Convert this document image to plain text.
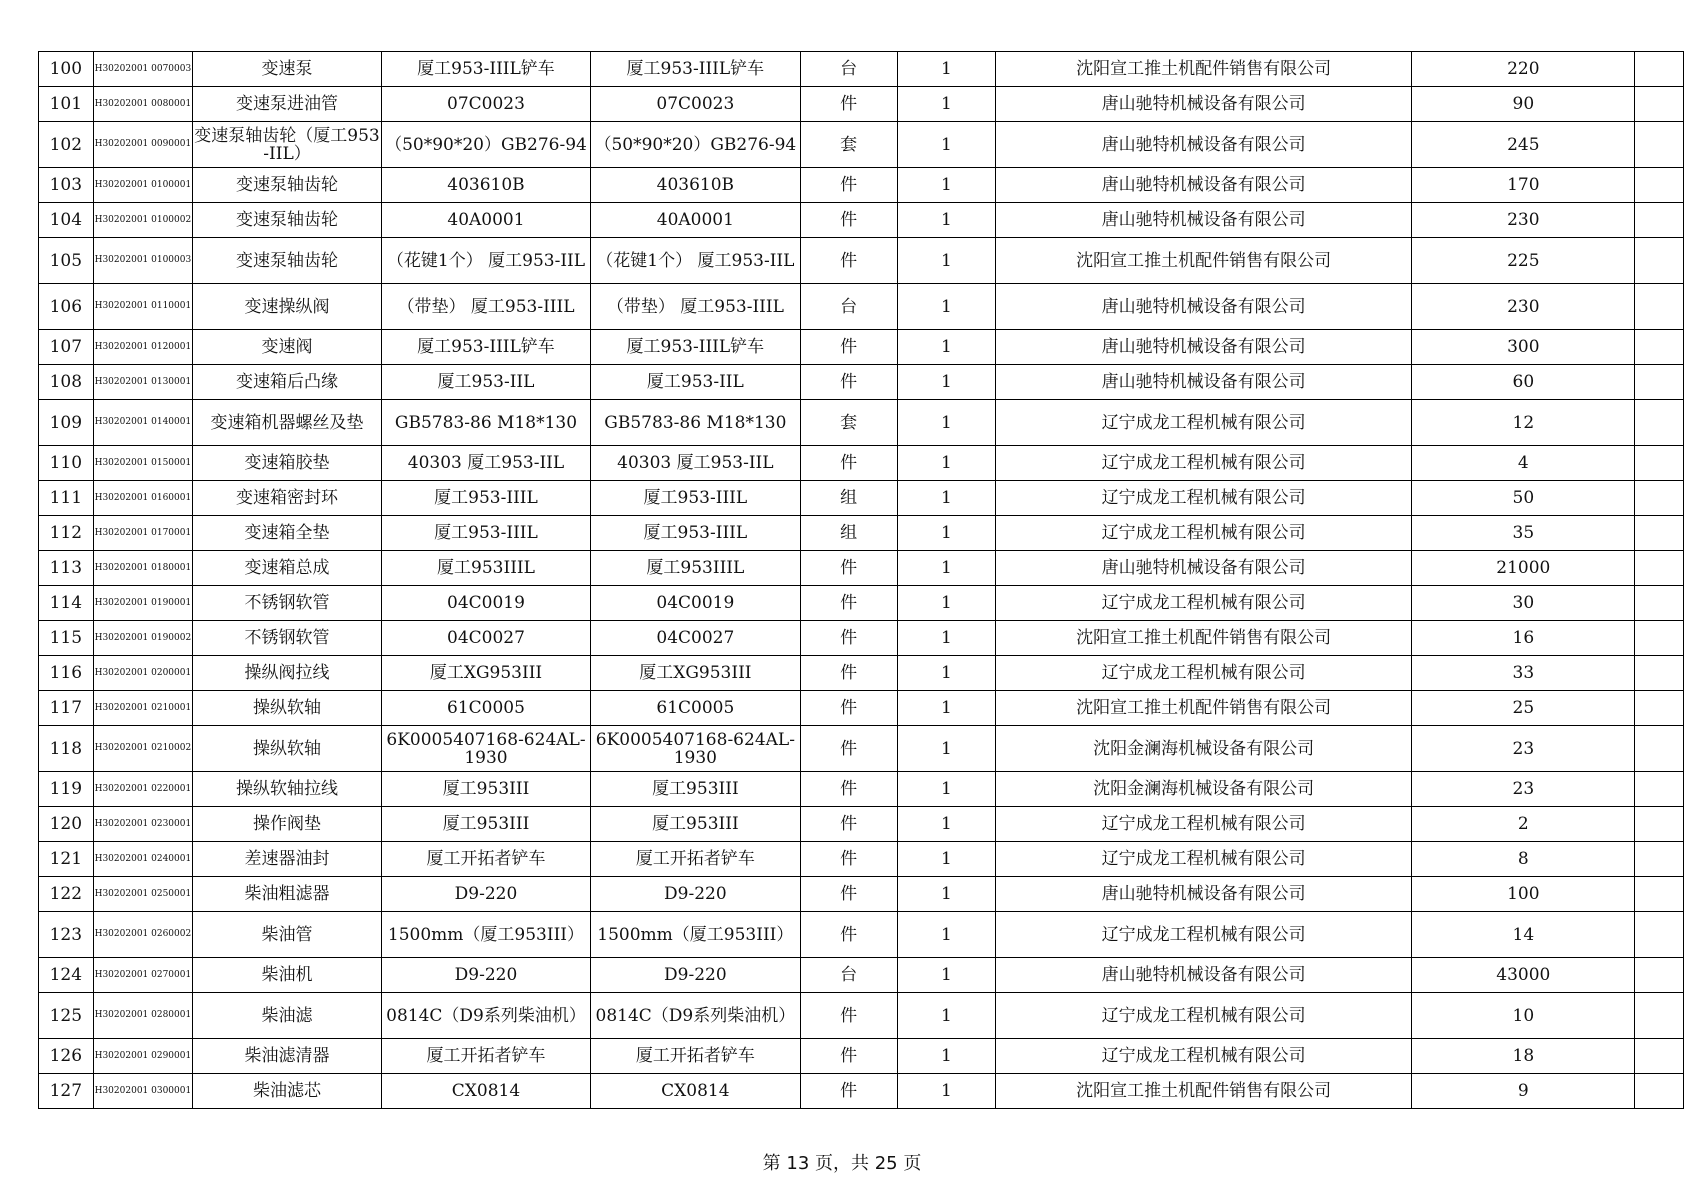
100	H30202001 0070003	变速泵	厦工953-IIIL铲车	厦工953-IIIL铲车	台	1	沈阳宣工推土机配件销售有限公司	220	
101	H30202001 0080001	变速泵进油管	07C0023	07C0023	件	1	唐山驰特机械设备有限公司	90	
102	H30202001 0090001	变速泵轴齿轮（厦工953-IIL）	（50*90*20）GB276-94	（50*90*20）GB276-94	套	1	唐山驰特机械设备有限公司	245	
103	H30202001 0100001	变速泵轴齿轮	403610B	403610B	件	1	唐山驰特机械设备有限公司	170	
104	H30202001 0100002	变速泵轴齿轮	40A0001	40A0001	件	1	唐山驰特机械设备有限公司	230	
105	H30202001 0100003	变速泵轴齿轮	（花键1个） 厦工953-IIL	（花键1个） 厦工953-IIL	件	1	沈阳宣工推土机配件销售有限公司	225	
106	H30202001 0110001	变速操纵阀	（带垫） 厦工953-IIIL	（带垫） 厦工953-IIIL	台	1	唐山驰特机械设备有限公司	230	
107	H30202001 0120001	变速阀	厦工953-IIIL铲车	厦工953-IIIL铲车	件	1	唐山驰特机械设备有限公司	300	
108	H30202001 0130001	变速箱后凸缘	厦工953-IIL	厦工953-IIL	件	1	唐山驰特机械设备有限公司	60	
109	H30202001 0140001	变速箱机器螺丝及垫	GB5783-86 M18*130	GB5783-86 M18*130	套	1	辽宁成龙工程机械有限公司	12	
110	H30202001 0150001	变速箱胶垫	40303 厦工953-IIL	40303 厦工953-IIL	件	1	辽宁成龙工程机械有限公司	4	
111	H30202001 0160001	变速箱密封环	厦工953-IIIL	厦工953-IIIL	组	1	辽宁成龙工程机械有限公司	50	
112	H30202001 0170001	变速箱全垫	厦工953-IIIL	厦工953-IIIL	组	1	辽宁成龙工程机械有限公司	35	
113	H30202001 0180001	变速箱总成	厦工953IIIL	厦工953IIIL	件	1	唐山驰特机械设备有限公司	21000	
114	H30202001 0190001	不锈钢软管	04C0019	04C0019	件	1	辽宁成龙工程机械有限公司	30	
115	H30202001 0190002	不锈钢软管	04C0027	04C0027	件	1	沈阳宣工推土机配件销售有限公司	16	
116	H30202001 0200001	操纵阀拉线	厦工XG953III	厦工XG953III	件	1	辽宁成龙工程机械有限公司	33	
117	H30202001 0210001	操纵软轴	61C0005	61C0005	件	1	沈阳宣工推土机配件销售有限公司	25	
118	H30202001 0210002	操纵软轴	6K0005407168-624AL-1930	6K0005407168-624AL-1930	件	1	沈阳金澜海机械设备有限公司	23	
119	H30202001 0220001	操纵软轴拉线	厦工953III	厦工953III	件	1	沈阳金澜海机械设备有限公司	23	
120	H30202001 0230001	操作阀垫	厦工953III	厦工953III	件	1	辽宁成龙工程机械有限公司	2	
121	H30202001 0240001	差速器油封	厦工开拓者铲车	厦工开拓者铲车	件	1	辽宁成龙工程机械有限公司	8	
122	H30202001 0250001	柴油粗滤器	D9-220	D9-220	件	1	唐山驰特机械设备有限公司	100	
123	H30202001 0260002	柴油管	1500mm（厦工953III）	1500mm（厦工953III）	件	1	辽宁成龙工程机械有限公司	14	
124	H30202001 0270001	柴油机	D9-220	D9-220	台	1	唐山驰特机械设备有限公司	43000	
125	H30202001 0280001	柴油滤	0814C（D9系列柴油机）	0814C（D9系列柴油机）	件	1	辽宁成龙工程机械有限公司	10	
126	H30202001 0290001	柴油滤清器	厦工开拓者铲车	厦工开拓者铲车	件	1	辽宁成龙工程机械有限公司	18	
127	H30202001 0300001	柴油滤芯	CX0814	CX0814	件	1	沈阳宣工推土机配件销售有限公司	9	
第 13 页，共 25 页
